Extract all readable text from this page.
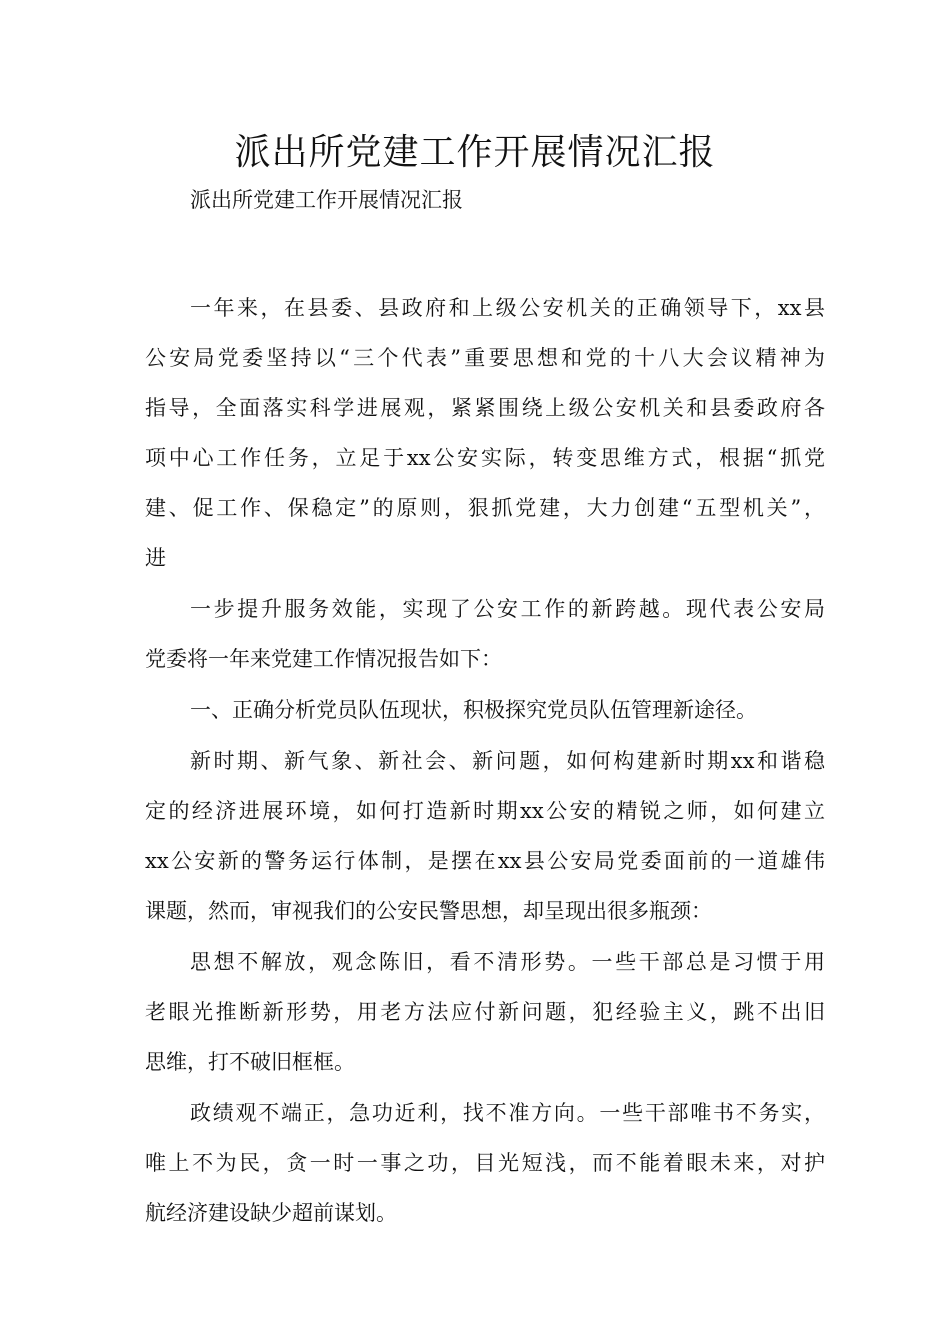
派出所党建工作开展情况汇报
派出所党建工作开展情况汇报

一年来，在县委、县政府和上级公安机关的正确领导下，xx县
公安局党委坚持以“三个代表”重要思想和党的十八大会议精神为
指导，全面落实科学进展观，紧紧围绕上级公安机关和县委政府各
项中心工作任务，立足于xx公安实际，转变思维方式，根据“抓党
建、促工作、保稳定”的原则，狠抓党建，大力创建“五型机关”，
进

一步提升服务效能，实现了公安工作的新跨越。现代表公安局
党委将一年来党建工作情况报告如下：

一、正确分析党员队伍现状，积极探究党员队伍管理新途径。

新时期、新气象、新社会、新问题，如何构建新时期xx和谐稳
定的经济进展环境，如何打造新时期xx公安的精锐之师，如何建立
xx公安新的警务运行体制，是摆在xx县公安局党委面前的一道雄伟
课题，然而，审视我们的公安民警思想，却呈现出很多瓶颈：

思想不解放，观念陈旧，看不清形势。一些干部总是习惯于用
老眼光推断新形势，用老方法应付新问题，犯经验主义，跳不出旧
思维，打不破旧框框。

政绩观不端正，急功近利，找不准方向。一些干部唯书不务实，
唯上不为民，贪一时一事之功，目光短浅，而不能着眼未来，对护
航经济建设缺少超前谋划。
